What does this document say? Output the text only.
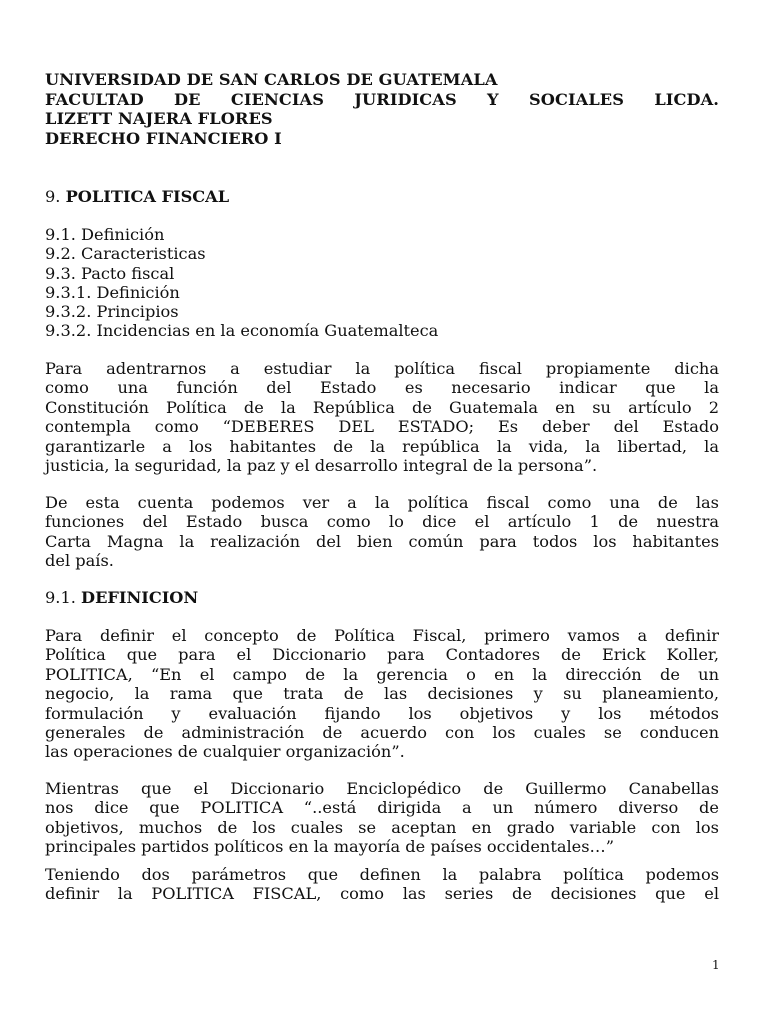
UNIVERSIDAD DE SAN CARLOS DE GUATEMALA
FACULTAD DE CIENCIAS JURIDICAS Y SOCIALES LICDA.
LIZETT NAJERA FLORES
DERECHO FINANCIERO I
9. POLITICA FISCAL
9.1. Definición
9.2. Caracteristicas
9.3. Pacto fiscal
9.3.1. Definición
9.3.2. Principios
9.3.2. Incidencias en la economía Guatemalteca
Para adentrarnos a estudiar la política fiscal propiamente dicha
como una función del Estado es necesario indicar que la
Constitución Política de la República de Guatemala en su artículo 2
contempla como “DEBERES DEL ESTADO; Es deber del Estado
garantizarle a los habitantes de la república la vida, la libertad, la
justicia, la seguridad, la paz y el desarrollo integral de la persona”.
De esta cuenta podemos ver a la política fiscal como una de las
funciones del Estado busca como lo dice el artículo 1 de nuestra
Carta Magna la realización del bien común para todos los habitantes
del país.
9.1. DEFINICION
Para definir el concepto de Política Fiscal, primero vamos a definir
Política que para el Diccionario para Contadores de Erick Koller,
POLITICA, “En el campo de la gerencia o en la dirección de un
negocio, la rama que trata de las decisiones y su planeamiento,
formulación y evaluación fijando los objetivos y los métodos
generales de administración de acuerdo con los cuales se conducen
las operaciones de cualquier organización”.
Mientras que el Diccionario Enciclopédico de Guillermo Canabellas
nos dice que POLITICA “..está dirigida a un número diverso de
objetivos, muchos de los cuales se aceptan en grado variable con los
principales partidos políticos en la mayoría de países occidentales…”
Teniendo dos parámetros que definen la palabra política podemos
definir la POLITICA FISCAL, como las series de decisiones que el
1
